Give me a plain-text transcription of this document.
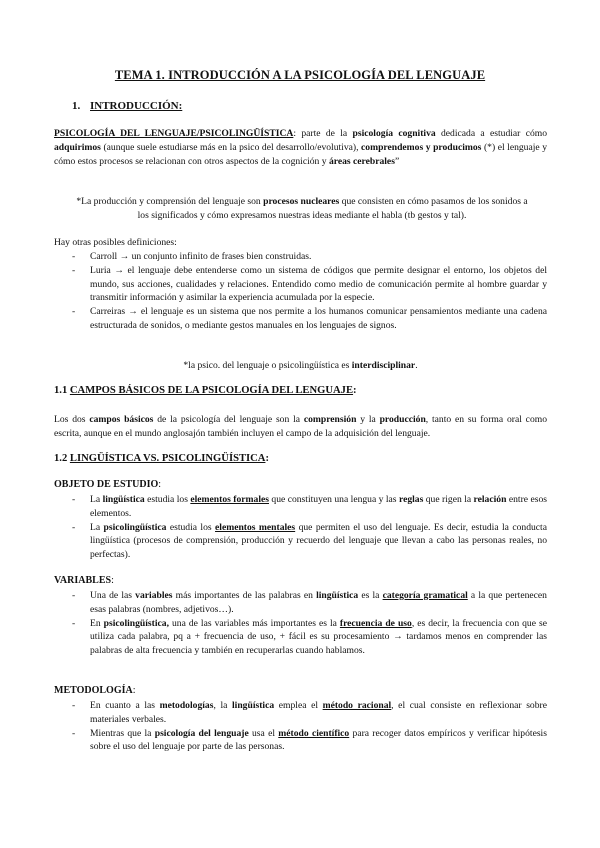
TEMA 1. INTRODUCCIÓN A LA PSICOLOGÍA DEL LENGUAJE
1. INTRODUCCIÓN:

PSICOLOGÍA DEL LENGUAJE/PSICOLINGÜÍSTICA: parte de la psicología cognitiva dedicada a estudiar cómo adquirimos (aunque suele estudiarse más en la psico del desarrollo/evolutiva), comprendemos y producimos (*) el lenguaje y cómo estos procesos se relacionan con otros aspectos de la cognición y áreas cerebrales”

*La producción y comprensión del lenguaje son procesos nucleares que consisten en cómo pasamos de los sonidos a los significados y cómo expresamos nuestras ideas mediante el habla (tb gestos y tal).

Hay otras posibles definiciones:

- Carroll → un conjunto infinito de frases bien construidas.
- Luria → el lenguaje debe entenderse como un sistema de códigos que permite designar el entorno, los objetos del mundo, sus acciones, cualidades y relaciones. Entendido como medio de comunicación permite al hombre guardar y transmitir información y asimilar la experiencia acumulada por la especie.
- Carreiras → el lenguaje es un sistema que nos permite a los humanos comunicar pensamientos mediante una cadena estructurada de sonidos, o mediante gestos manuales en los lenguajes de signos.

*la psico. del lenguaje o psicolingüística es interdisciplinar.

1.1 CAMPOS BÁSICOS DE LA PSICOLOGÍA DEL LENGUAJE:

Los dos campos básicos de la psicología del lenguaje son la comprensión y la producción, tanto en su forma oral como escrita, aunque en el mundo anglosajón también incluyen el campo de la adquisición del lenguaje.

1.2 LINGÜÍSTICA VS. PSICOLINGÜÍSTICA:
OBJETO DE ESTUDIO:
- La lingüística estudia los elementos formales que constituyen una lengua y las reglas que rigen la relación entre esos elementos.
- La psicolingüística estudia los elementos mentales que permiten el uso del lenguaje. Es decir, estudia la conducta lingüística (procesos de comprensión, producción y recuerdo del lenguaje que llevan a cabo las personas reales, no perfectas).
VARIABLES:
- Una de las variables más importantes de las palabras en lingüística es la categoría gramatical a la que pertenecen esas palabras (nombres, adjetivos…).
- En psicolingüística, una de las variables más importantes es la frecuencia de uso, es decir, la frecuencia con que se utiliza cada palabra, pq a + frecuencia de uso, + fácil es su procesamiento → tardamos menos en comprender las palabras de alta frecuencia y también en recuperarlas cuando hablamos.
METODOLOGÍA:
- En cuanto a las metodologías, la lingüística emplea el método racional, el cual consiste en reflexionar sobre materiales verbales.
- Mientras que la psicología del lenguaje usa el método científico para recoger datos empíricos y verificar hipótesis sobre el uso del lenguaje por parte de las personas.
